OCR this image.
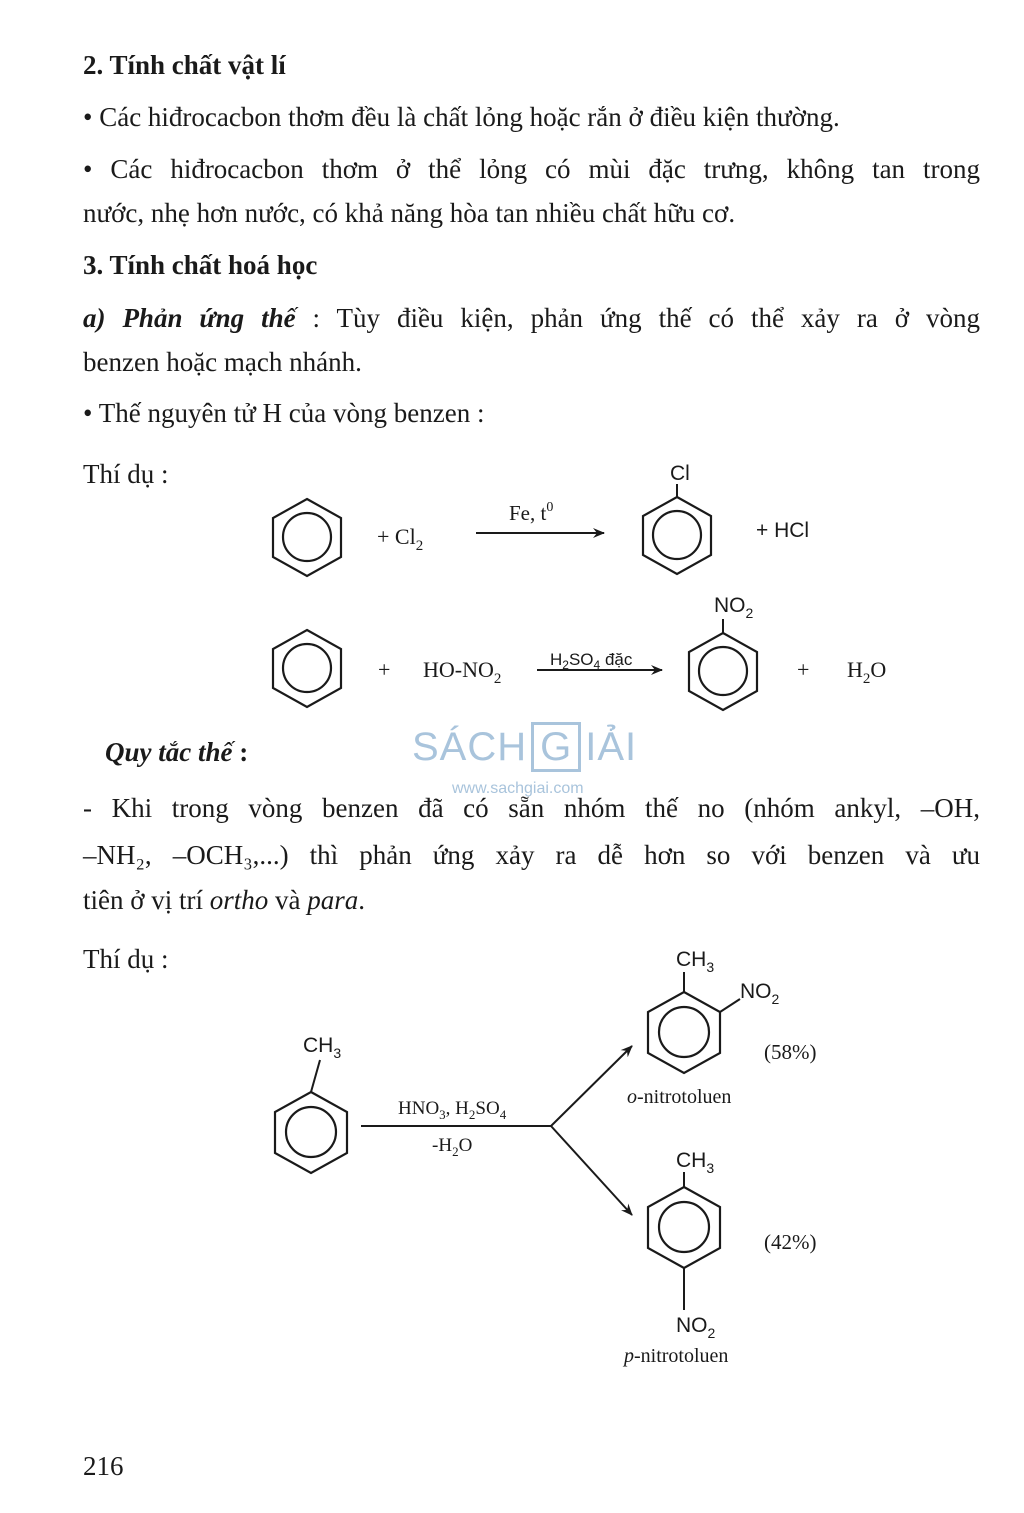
2. Tính chất vật lí
• Các hiđrocacbon thơm đều là chất lỏng hoặc rắn ở điều kiện thường.
• Các hiđrocacbon thơm ở thể lỏng có mùi đặc trưng, không tan trong
nước, nhẹ hơn nước, có khả năng hòa tan nhiều chất hữu cơ.
3. Tính chất hoá học
a) Phản ứng thế : Tùy điều kiện, phản ứng thế có thể xảy ra ở vòng
benzen hoặc mạch nhánh.
• Thế nguyên tử H của vòng benzen :
Thí dụ :
Quy tắc thế :
- Khi trong vòng benzen đã có sẵn nhóm thế no (nhóm ankyl, –OH,
–NH₂, –OCH₃,...) thì phản ứng xảy ra dễ hơn so với benzen và ưu
tiên ở vị trí ortho và para.
Thí dụ :
SÁCH G IẢI
www.sachgiai.com
216
+ $Cl_2$
Fe, $t^0$
Cl
+ HCl
+ $HO-NO_2$
$H_2SO_4$ đặc
$NO_2$
+ $H_2O$
$CH_3$
$HNO_3$, $H_2SO_4$
$-H_2O$
$CH_3$
$NO_2$
(58%)
o-nitrotoluen
$CH_3$
$NO_2$
(42%)
p-nitrotoluen
